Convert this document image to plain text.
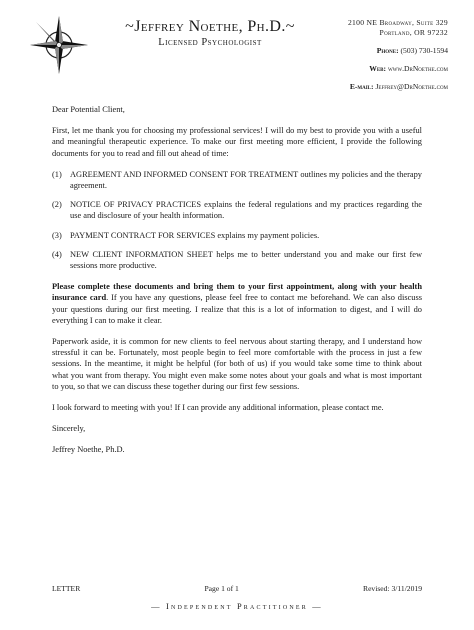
~Jeffrey Noethe, Ph.D.~
Licensed Psychologist
2100 NE Broadway, Suite 329
Portland, OR 97232
Phone: (503) 730-1594
Web: www.DrNoethe.com
E-mail: Jeffrey@DrNoethe.com

Dear Potential Client,

First, let me thank you for choosing my professional services! I will do my best to provide you with a useful and meaningful therapeutic experience. To make our first meeting more efficient, I provide the following documents for you to read and fill out ahead of time:

(1) AGREEMENT AND INFORMED CONSENT FOR TREATMENT outlines my policies and the therapy agreement.
(2) NOTICE OF PRIVACY PRACTICES explains the federal regulations and my practices regarding the use and disclosure of your health information.
(3) PAYMENT CONTRACT FOR SERVICES explains my payment policies.
(4) NEW CLIENT INFORMATION SHEET helps me to better understand you and make our first few sessions more productive.

Please complete these documents and bring them to your first appointment, along with your health insurance card. If you have any questions, please feel free to contact me beforehand. We can also discuss your questions during our first meeting. I realize that this is a lot of information to digest, and I will do everything I can to make it clear.

Paperwork aside, it is common for new clients to feel nervous about starting therapy, and I understand how stressful it can be. Fortunately, most people begin to feel more comfortable with the process in just a few sessions. In the meantime, it might be helpful (for both of us) if you would take some time to think about what you want from therapy. You might even make some notes about your goals and what is most important to you, so that we can discuss these together during our first few sessions.

I look forward to meeting with you! If I can provide any additional information, please contact me.

Sincerely,

Jeffrey Noethe, Ph.D.

LETTER	Page 1 of 1	Revised: 3/11/2019
— Independent Practitioner —
